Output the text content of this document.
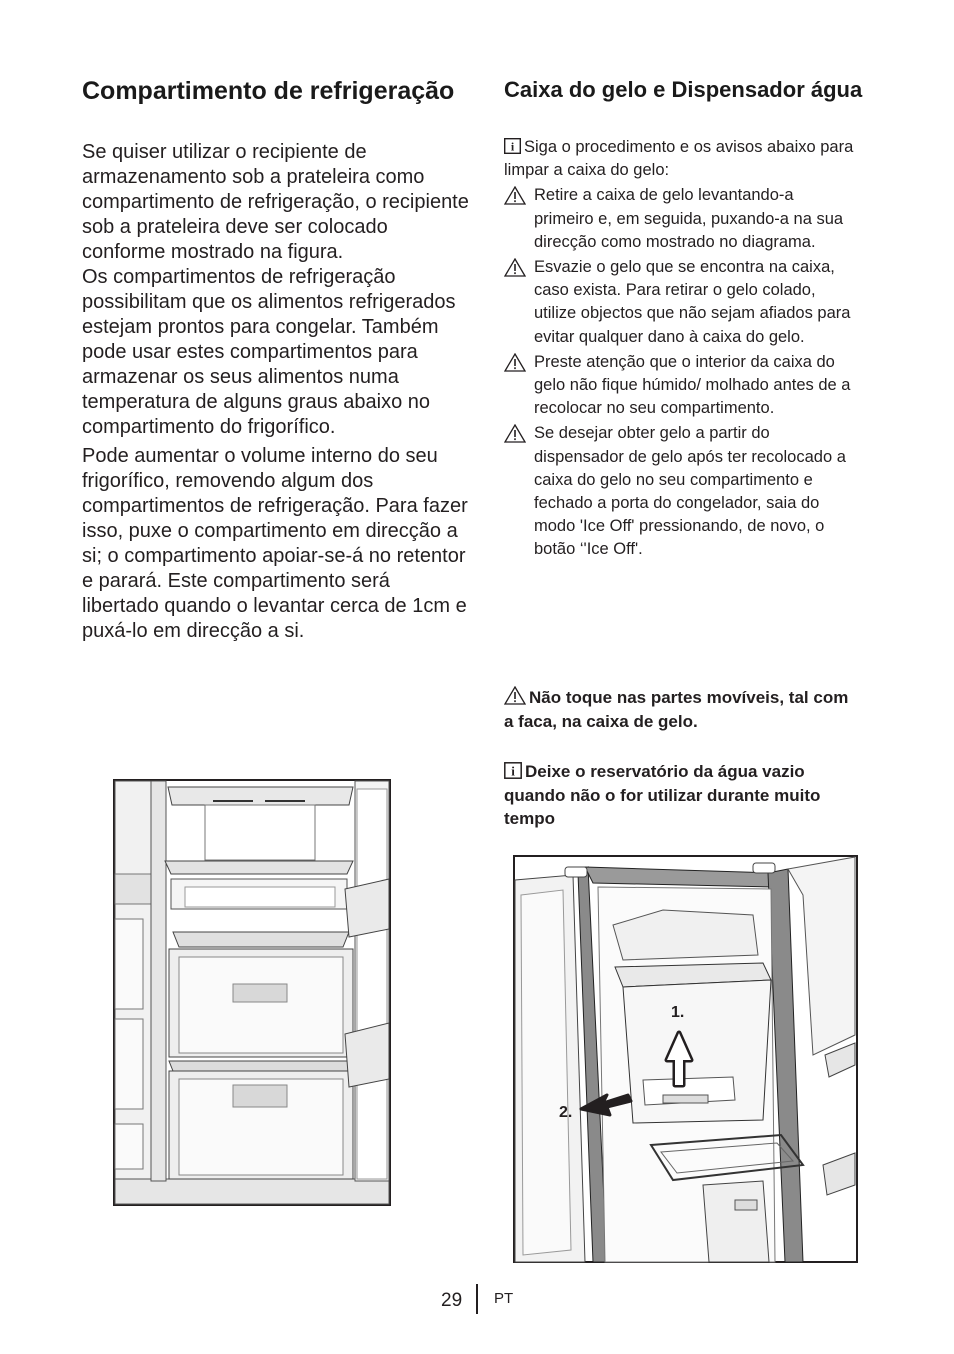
Compartimento de refrigeração

Se quiser utilizar o recipiente de armazenamento sob a prateleira como compartimento de refrigeração, o recipiente sob a prateleira deve ser colocado conforme mostrado na figura.
Os compartimentos de refrigeração possibilitam que os alimentos refrigerados estejam prontos para congelar. Também pode usar estes compartimentos para armazenar os seus alimentos numa temperatura de alguns graus abaixo no compartimento do frigorífico.

Pode aumentar o volume interno do seu frigorífico, removendo algum dos compartimentos de refrigeração. Para fazer isso, puxe o compartimento em direcção a si; o compartimento apoiar-se-á no retentor e parará. Este compartimento será libertado quando o levantar cerca de 1cm e puxá-lo em direcção a si.

Caixa do gelo e Dispensador água

i Siga o procedimento e os avisos abaixo para limpar a caixa do gelo:

Retire a caixa de gelo levantando-a primeiro e, em seguida, puxando-a na sua direcção como mostrado no diagrama.
Esvazie o gelo que se encontra na caixa, caso exista. Para retirar o gelo colado, utilize objectos que não sejam afiados para evitar qualquer dano à caixa do gelo.
Preste atenção que o interior da caixa do gelo não fique húmido/ molhado antes de a recolocar no seu compartimento.
Se desejar obter gelo a partir do dispensador de gelo após ter recolocado a caixa do gelo no seu compartimento e fechado a porta do congelador, saia do modo 'Ice Off' pressionando, de novo, o botão ‘'Ice Off'.

Não toque nas partes movíveis, tal com a faca, na caixa de gelo.

i Deixe o reservatório da água vazio quando não o for utilizar durante muito tempo

1.
2.
29 PT
